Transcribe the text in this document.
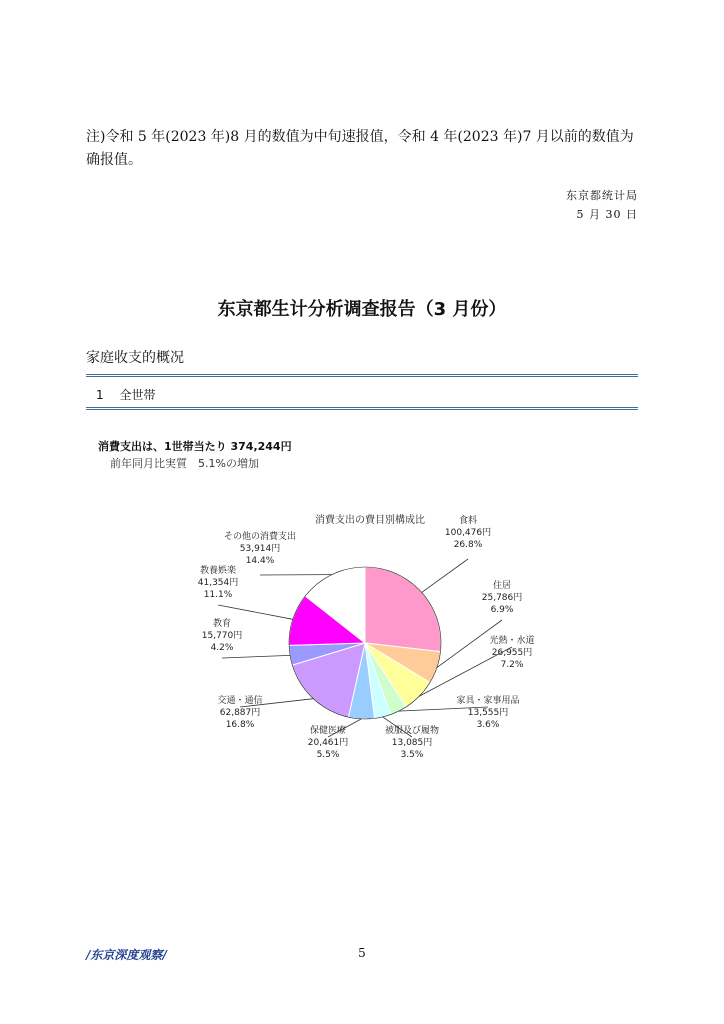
注)令和 5 年(2023 年)8 月的数值为中旬速报值，令和 4 年(2023 年)7 月以前的数值为
确报值。
东京都统计局
5 月 30 日
东京都生计分析调查报告（3 月份）
家庭收支的概况
1 全世帯
消費支出は、1世帯当たり 374,244円
前年同月比実質　5.1%の増加
消費支出の費目別構成比	食料
100,476円
26.8%
住居
25,786円
6.9%
光熱・水道
26,955円
7.2%
家具・家事用品
13,555円
3.6%
被服及び履物
13,085円
3.5%
保健医療
20,461円
5.5%
交通・通信
62,887円
16.8%
教育
15,770円
4.2%
教養娯楽
41,354円
11.1%
その他の消費支出
53,914円
14.4%
/东京深度观察/	5
